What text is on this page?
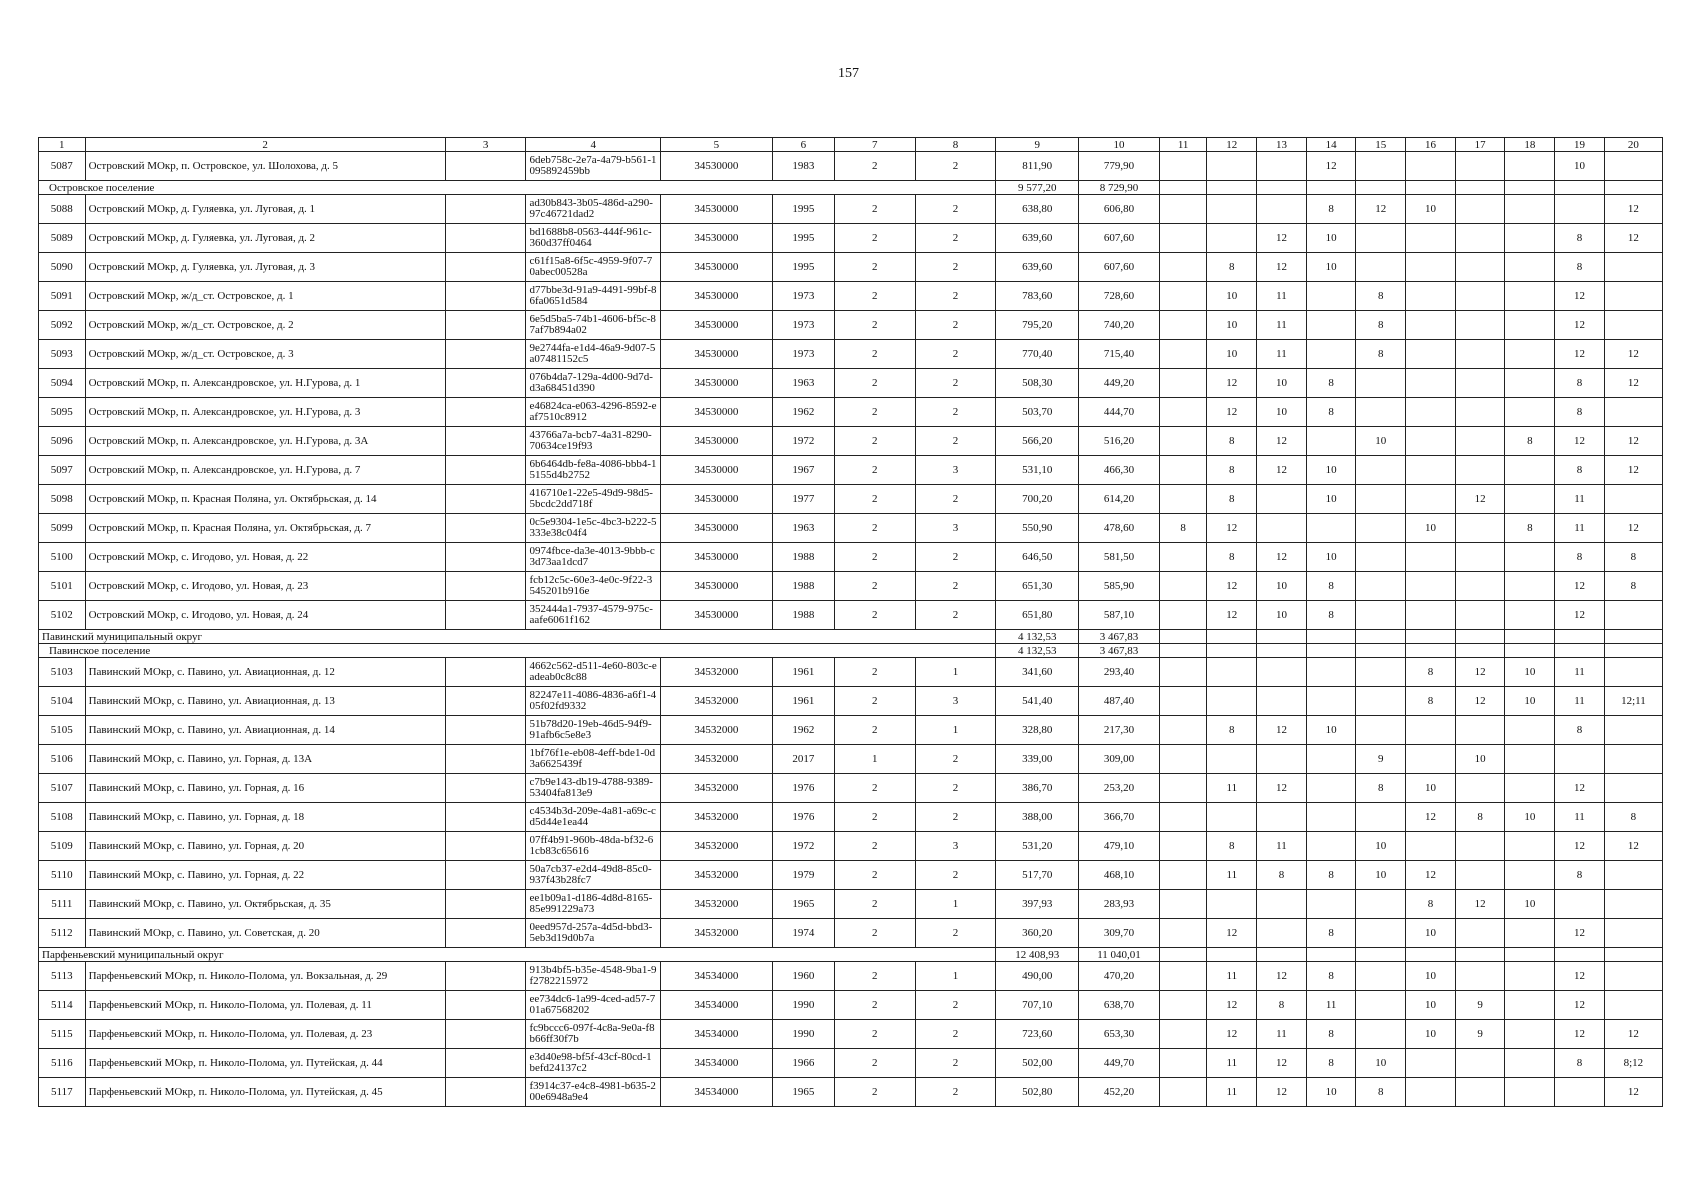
157
1	2	3	4	5	6	7	8	9	10	11	12	13	14	15	16	17	18	19	20
5087	Островский МОкр, п. Островское, ул. Шолохова, д. 5		6deb758c-2e7a-4a79-b561-1095892459bb	34530000	1983	2	2	811,90	779,90				12					10	
Островское поселение								9 577,20	8 729,90										
5088	Островский МОкр, д. Гуляевка, ул. Луговая, д. 1		ad30b843-3b05-486d-a290-97c46721dad2	34530000	1995	2	2	638,80	606,80				8	12	10				12
5089	Островский МОкр, д. Гуляевка, ул. Луговая, д. 2		bd1688b8-0563-444f-961c-360d37ff0464	34530000	1995	2	2	639,60	607,60			12	10					8	12
5090	Островский МОкр, д. Гуляевка, ул. Луговая, д. 3		c61f15a8-6f5c-4959-9f07-70abec00528a	34530000	1995	2	2	639,60	607,60		8	12	10					8	
5091	Островский МОкр, ж/д_ст. Островское, д. 1		d77bbe3d-91a9-4491-99bf-86fa0651d584	34530000	1973	2	2	783,60	728,60		10	11		8				12	
5092	Островский МОкр, ж/д_ст. Островское, д. 2		6e5d5ba5-74b1-4606-bf5c-87af7b894a02	34530000	1973	2	2	795,20	740,20		10	11		8				12	
5093	Островский МОкр, ж/д_ст. Островское, д. 3		9e2744fa-e1d4-46a9-9d07-5a07481152c5	34530000	1973	2	2	770,40	715,40		10	11		8				12	12
5094	Островский МОкр, п. Александровское, ул. Н.Гурова, д. 1		076b4da7-129a-4d00-9d7d-d3a68451d390	34530000	1963	2	2	508,30	449,20		12	10	8					8	12
5095	Островский МОкр, п. Александровское, ул. Н.Гурова, д. 3		e46824ca-e063-4296-8592-eaf7510c8912	34530000	1962	2	2	503,70	444,70		12	10	8					8	
5096	Островский МОкр, п. Александровское, ул. Н.Гурова, д. 3А		43766a7a-bcb7-4a31-8290-70634ce19f93	34530000	1972	2	2	566,20	516,20		8	12		10			8	12	12
5097	Островский МОкр, п. Александровское, ул. Н.Гурова, д. 7		6b6464db-fe8a-4086-bbb4-15155d4b2752	34530000	1967	2	3	531,10	466,30		8	12	10					8	12
5098	Островский МОкр, п. Красная Поляна, ул. Октябрьская, д. 14		416710e1-22e5-49d9-98d5-5bcdc2dd718f	34530000	1977	2	2	700,20	614,20		8		10			12		11	
5099	Островский МОкр, п. Красная Поляна, ул. Октябрьская, д. 7		0c5e9304-1e5c-4bc3-b222-5333e38c04f4	34530000	1963	2	3	550,90	478,60	8	12				10		8	11	12
5100	Островский МОкр, с. Игодово, ул. Новая, д. 22		0974fbce-da3e-4013-9bbb-c3d73aa1dcd7	34530000	1988	2	2	646,50	581,50		8	12	10					8	8
5101	Островский МОкр, с. Игодово, ул. Новая, д. 23		fcb12c5c-60e3-4e0c-9f22-3545201b916e	34530000	1988	2	2	651,30	585,90		12	10	8					12	8
5102	Островский МОкр, с. Игодово, ул. Новая, д. 24		352444a1-7937-4579-975c-aafe6061f162	34530000	1988	2	2	651,80	587,10		12	10	8					12	
Павинский муниципальный округ								4 132,53	3 467,83										
Павинское поселение								4 132,53	3 467,83										
5103	Павинский МОкр, с. Павино, ул. Авиационная, д. 12		4662c562-d511-4e60-803c-eadeab0c8c88	34532000	1961	2	1	341,60	293,40						8	12	10	11	
5104	Павинский МОкр, с. Павино, ул. Авиационная, д. 13		82247e11-4086-4836-a6f1-405f02fd9332	34532000	1961	2	3	541,40	487,40						8	12	10	11	12;11
5105	Павинский МОкр, с. Павино, ул. Авиационная, д. 14		51b78d20-19eb-46d5-94f9-91afb6c5e8e3	34532000	1962	2	1	328,80	217,30		8	12	10					8	
5106	Павинский МОкр, с. Павино, ул. Горная, д. 13А		1bf76f1e-eb08-4eff-bde1-0d3a6625439f	34532000	2017	1	2	339,00	309,00					9		10			
5107	Павинский МОкр, с. Павино, ул. Горная, д. 16		c7b9e143-db19-4788-9389-53404fa813e9	34532000	1976	2	2	386,70	253,20		11	12		8	10			12	
5108	Павинский МОкр, с. Павино, ул. Горная, д. 18		c4534b3d-209e-4a81-a69c-cd5d44e1ea44	34532000	1976	2	2	388,00	366,70						12	8	10	11	8
5109	Павинский МОкр, с. Павино, ул. Горная, д. 20		07ff4b91-960b-48da-bf32-61cb83c65616	34532000	1972	2	3	531,20	479,10		8	11		10				12	12
5110	Павинский МОкр, с. Павино, ул. Горная, д. 22		50a7cb37-e2d4-49d8-85c0-937f43b28fc7	34532000	1979	2	2	517,70	468,10		11	8	8	10	12			8	
5111	Павинский МОкр, с. Павино, ул. Октябрьская, д. 35		ee1b09a1-d186-4d8d-8165-85e991229a73	34532000	1965	2	1	397,93	283,93						8	12	10		
5112	Павинский МОкр, с. Павино, ул. Советская, д. 20		0eed957d-257a-4d5d-bbd3-5eb3d19d0b7a	34532000	1974	2	2	360,20	309,70		12		8		10			12	
Парфеньевский муниципальный округ								12 408,93	11 040,01										
5113	Парфеньевский МОкр, п. Николо-Полома, ул. Вокзальная, д. 29		913b4bf5-b35e-4548-9ba1-9f2782215972	34534000	1960	2	1	490,00	470,20		11	12	8		10			12	
5114	Парфеньевский МОкр, п. Николо-Полома, ул. Полевая, д. 11		ee734dc6-1a99-4ced-ad57-701a67568202	34534000	1990	2	2	707,10	638,70		12	8	11		10	9		12	
5115	Парфеньевский МОкр, п. Николо-Полома, ул. Полевая, д. 23		fc9bccc6-097f-4c8a-9e0a-f8b66ff30f7b	34534000	1990	2	2	723,60	653,30		12	11	8		10	9		12	12
5116	Парфеньевский МОкр, п. Николо-Полома, ул. Путейская, д. 44		e3d40e98-bf5f-43cf-80cd-1befd24137c2	34534000	1966	2	2	502,00	449,70		11	12	8	10				8	8;12
5117	Парфеньевский МОкр, п. Николо-Полома, ул. Путейская, д. 45		f3914c37-e4c8-4981-b635-200e6948a9e4	34534000	1965	2	2	502,80	452,20		11	12	10	8					12
